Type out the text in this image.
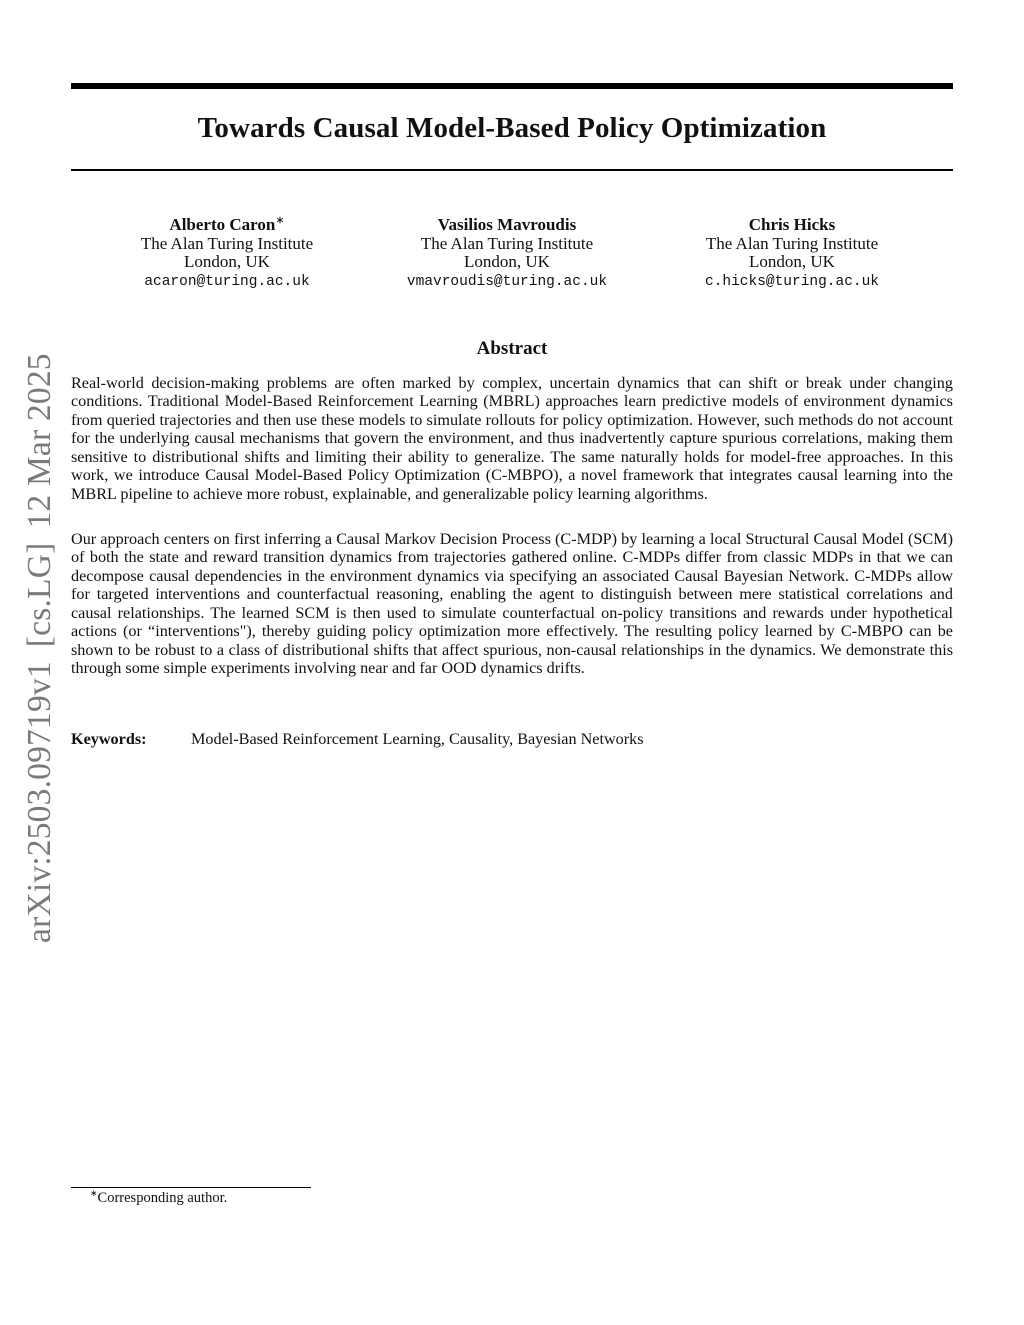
Towards Causal Model-Based Policy Optimization
Alberto Caron∗
The Alan Turing Institute
London, UK
acaron@turing.ac.uk
Vasilios Mavroudis
The Alan Turing Institute
London, UK
vmavroudis@turing.ac.uk
Chris Hicks
The Alan Turing Institute
London, UK
c.hicks@turing.ac.uk
arXiv:2503.09719v1[cs.LG]12 Mar 2025
Abstract

Real-world decision-making problems are often marked by complex, uncertain dynamics that can shift or break under changing conditions. Traditional Model-Based Reinforcement Learning (MBRL) approaches learn predictive models of environment dynamics from queried trajectories and then use these models to simulate rollouts for policy optimization. However, such methods do not account for the underlying causal mechanisms that govern the environment, and thus inadvertently capture spurious correlations, making them sensitive to distributional shifts and limiting their ability to generalize. The same naturally holds for model-free approaches. In this work, we introduce Causal Model-Based Policy Optimization (C-MBPO), a novel framework that integrates causal learning into the MBRL pipeline to achieve more robust, explainable, and generalizable policy learning algorithms.

Our approach centers on first inferring a Causal Markov Decision Process (C-MDP) by learning a local Structural Causal Model (SCM) of both the state and reward transition dynamics from trajectories gathered online. C-MDPs differ from classic MDPs in that we can decompose causal dependencies in the environment dynamics via specifying an associated Causal Bayesian Network. C-MDPs allow for targeted interventions and counterfactual reasoning, enabling the agent to distinguish between mere statistical correlations and causal relationships. The learned SCM is then used to simulate counterfactual on-policy transitions and rewards under hypothetical actions (or “interventions"), thereby guiding policy optimization more effectively. The resulting policy learned by C-MBPO can be shown to be robust to a class of distributional shifts that affect spurious, non-causal relationships in the dynamics. We demonstrate this through some simple experiments involving near and far OOD dynamics drifts.

Keywords:	Model-Based Reinforcement Learning, Causality, Bayesian Networks
∗Corresponding author.
